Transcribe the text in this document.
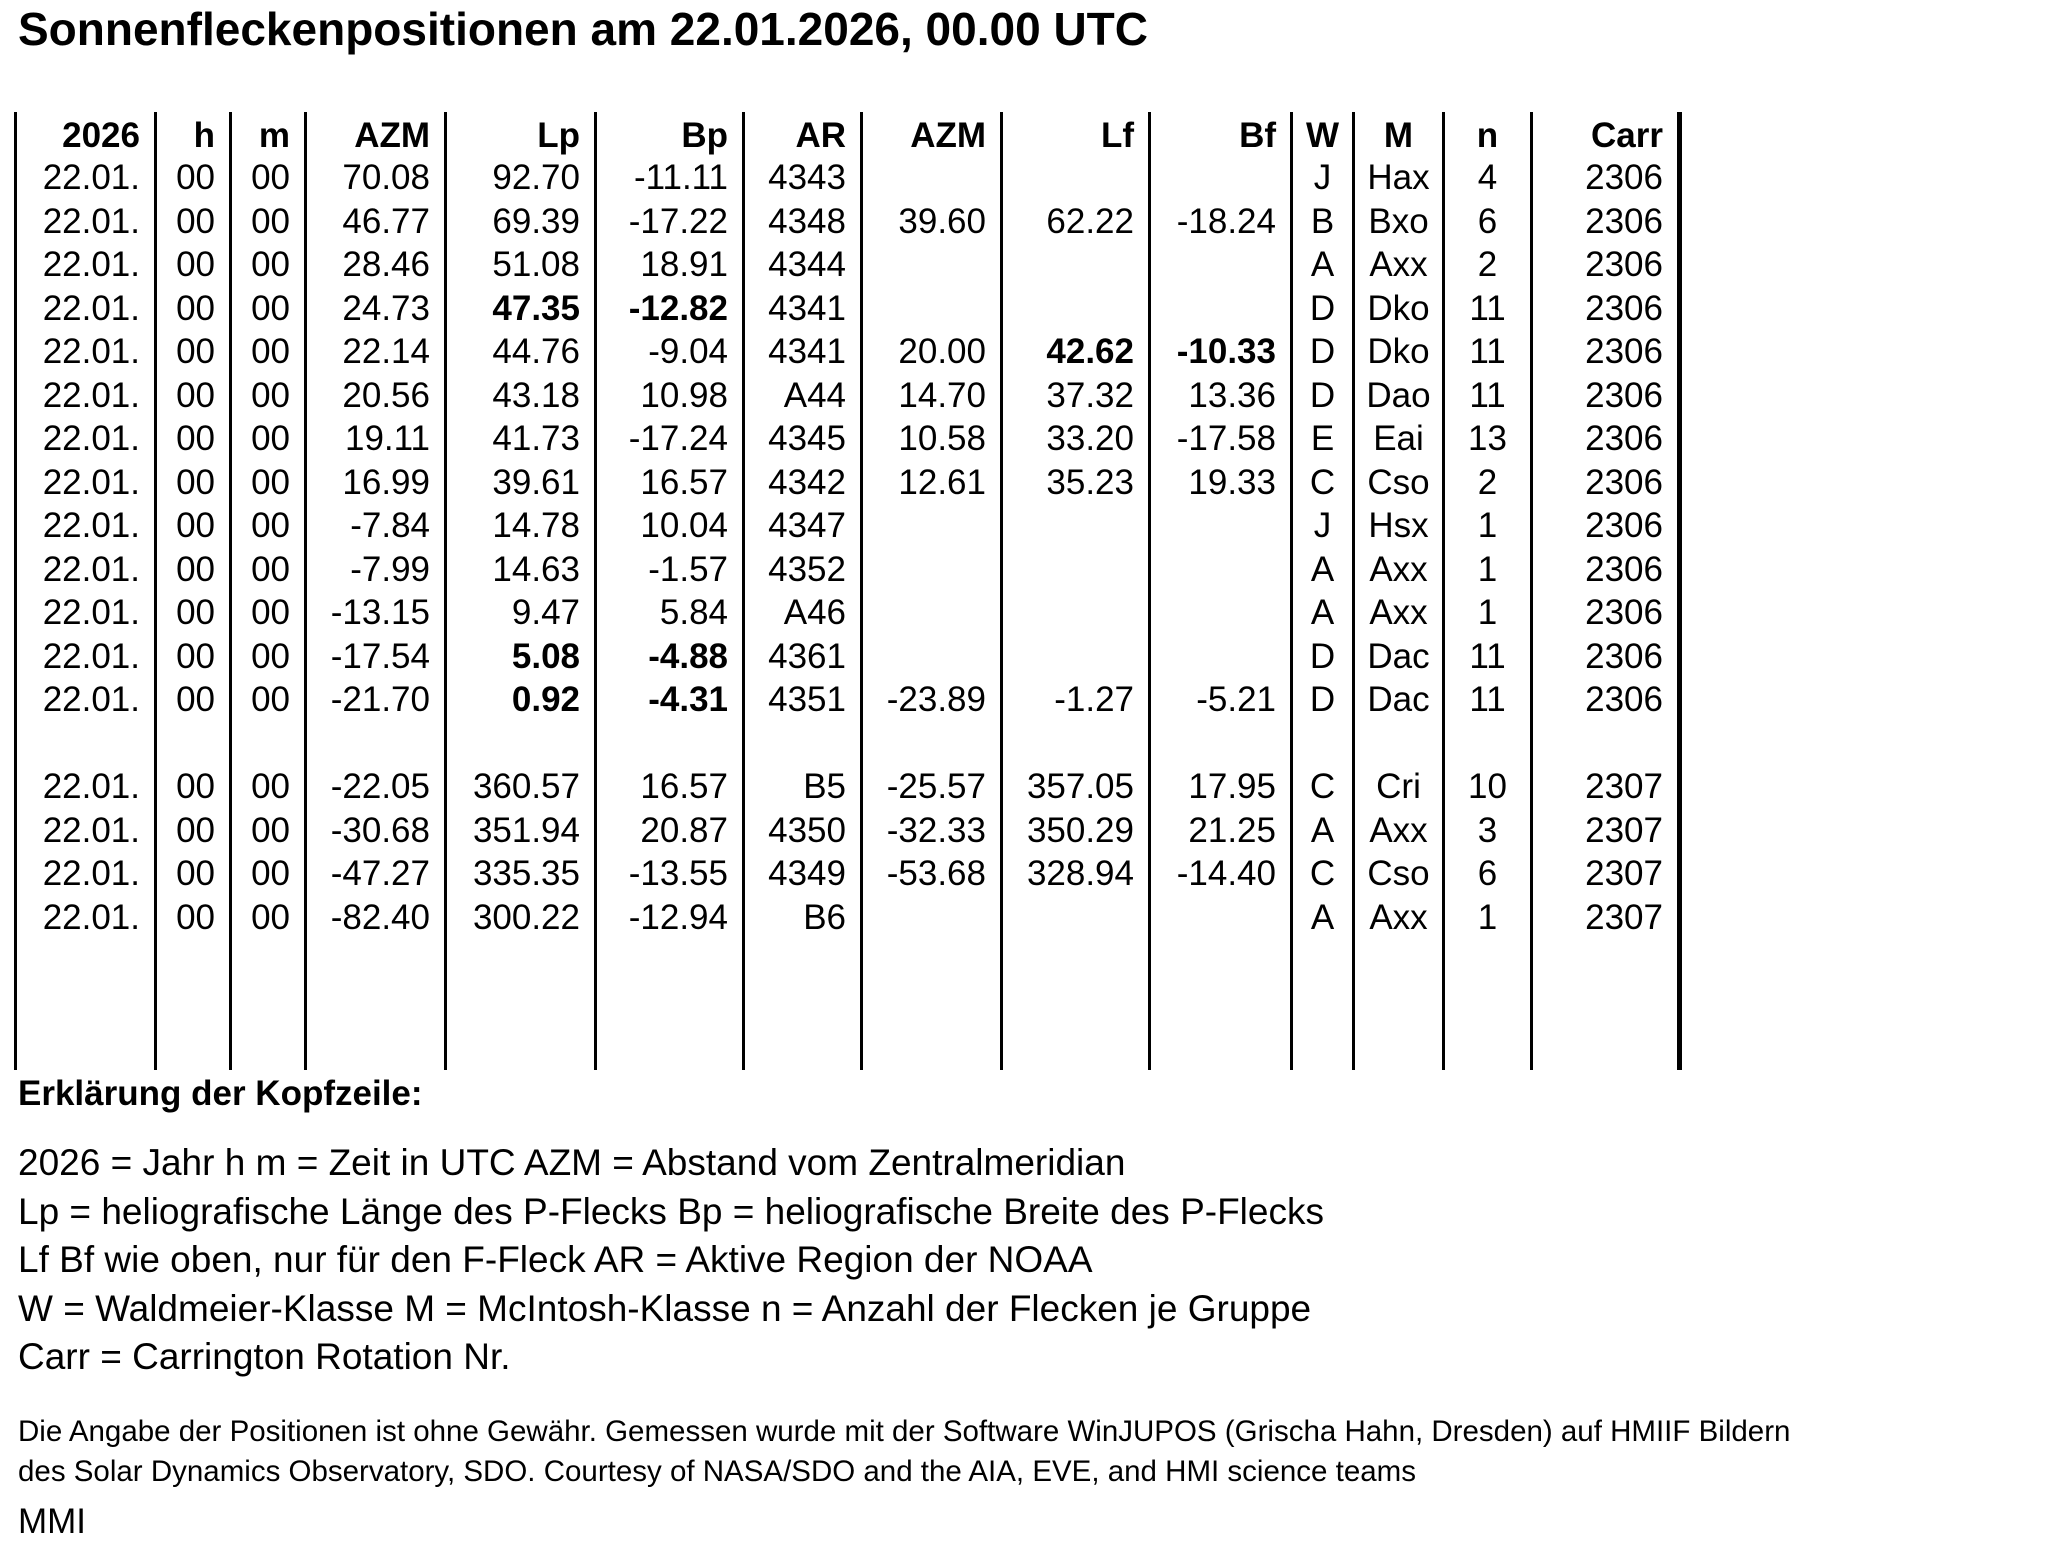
Sonnenfleckenpositionen am 22.01.2026, 00.00 UTC
2026
22.01.
22.01.
22.01.
22.01.
22.01.
22.01.
22.01.
22.01.
22.01.
22.01.
22.01.
22.01.
22.01.
22.01.
22.01.
22.01.
22.01.
h
00
00
00
00
00
00
00
00
00
00
00
00
00
00
00
00
00
m
00
00
00
00
00
00
00
00
00
00
00
00
00
00
00
00
00
AZM
70.08
46.77
28.46
24.73
22.14
20.56
19.11
16.99
-7.84
-7.99
-13.15
-17.54
-21.70
-22.05
-30.68
-47.27
-82.40
Lp
92.70
69.39
51.08
47.35
44.76
43.18
41.73
39.61
14.78
14.63
9.47
5.08
0.92
360.57
351.94
335.35
300.22
Bp
-11.11
-17.22
18.91
-12.82
-9.04
10.98
-17.24
16.57
10.04
-1.57
5.84
-4.88
-4.31
16.57
20.87
-13.55
-12.94
AR
4343
4348
4344
4341
4341
A44
4345
4342
4347
4352
A46
4361
4351
B5
4350
4349
B6
AZM
39.60
20.00
14.70
10.58
12.61
-23.89
-25.57
-32.33
-53.68
Lf
62.22
42.62
37.32
33.20
35.23
-1.27
357.05
350.29
328.94
Bf
-18.24
-10.33
13.36
-17.58
19.33
-5.21
17.95
21.25
-14.40
W
J
B
A
D
D
D
E
C
J
A
A
D
D
C
A
C
A
M
Hax
Bxo
Axx
Dko
Dko
Dao
Eai
Cso
Hsx
Axx
Axx
Dac
Dac
Cri
Axx
Cso
Axx
n
4
6
2
11
11
11
13
2
1
1
1
11
11
10
3
6
1
Carr
2306
2306
2306
2306
2306
2306
2306
2306
2306
2306
2306
2306
2306
2307
2307
2307
2307
Erklärung der Kopfzeile:
2026 = Jahr h m = Zeit in UTC AZM = Abstand vom Zentralmeridian
Lp = heliografische Länge des P-Flecks Bp = heliografische Breite des P-Flecks
Lf Bf wie oben, nur für den F-Fleck AR = Aktive Region der NOAA
W = Waldmeier-Klasse M = McIntosh-Klasse n = Anzahl der Flecken je Gruppe
Carr = Carrington Rotation Nr.
Die Angabe der Positionen ist ohne Gewähr. Gemessen wurde mit der Software WinJUPOS (Grischa Hahn, Dresden) auf HMIIF Bildern
des Solar Dynamics Observatory, SDO. Courtesy of NASA/SDO and the AIA, EVE, and HMI science teams
MMI
